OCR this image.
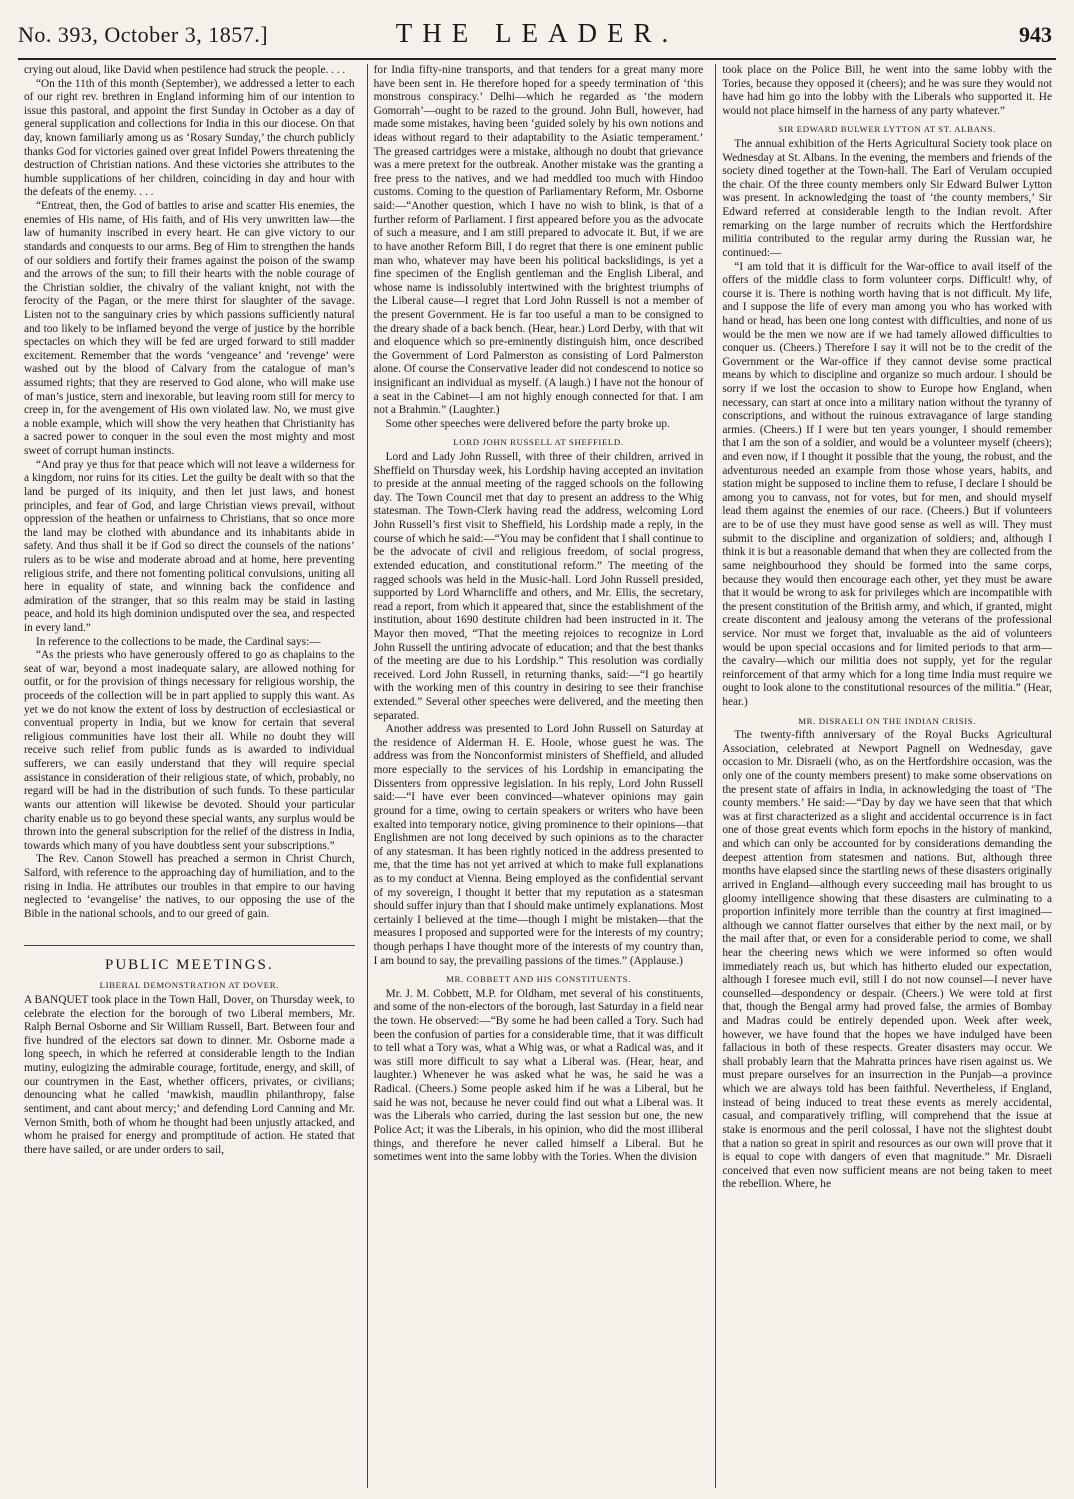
No. 393, October 3, 1857.]	THE LEADER.	943

crying out aloud, like David when pestilence had struck the people. . . .

“On the 11th of this month (September), we addressed a letter to each of our right rev. brethren in England informing him of our intention to issue this pastoral, and appoint the first Sunday in October as a day of general supplication and collections for India in this our diocese. On that day, known familiarly among us as ‘Rosary Sunday,’ the church publicly thanks God for victories gained over great Infidel Powers threatening the destruction of Christian nations. And these victories she attributes to the humble supplications of her children, coinciding in day and hour with the defeats of the enemy. . . .

“Entreat, then, the God of battles to arise and scatter His enemies, the enemies of His name, of His faith, and of His very unwritten law—the law of humanity inscribed in every heart. He can give victory to our standards and conquests to our arms. Beg of Him to strengthen the hands of our soldiers and fortify their frames against the poison of the swamp and the arrows of the sun; to fill their hearts with the noble courage of the Christian soldier, the chivalry of the valiant knight, not with the ferocity of the Pagan, or the mere thirst for slaughter of the savage. Listen not to the sanguinary cries by which passions sufficiently natural and too likely to be inflamed beyond the verge of justice by the horrible spectacles on which they will be fed are urged forward to still madder excitement. Remember that the words ‘vengeance’ and ‘revenge’ were washed out by the blood of Calvary from the catalogue of man’s assumed rights; that they are reserved to God alone, who will make use of man’s justice, stern and inexorable, but leaving room still for mercy to creep in, for the avengement of His own violated law. No, we must give a noble example, which will show the very heathen that Christianity has a sacred power to conquer in the soul even the most mighty and most sweet of corrupt human instincts.

“And pray ye thus for that peace which will not leave a wilderness for a kingdom, nor ruins for its cities. Let the guilty be dealt with so that the land be purged of its iniquity, and then let just laws, and honest principles, and fear of God, and large Christian views prevail, without oppression of the heathen or unfairness to Christians, that so once more the land may be clothed with abundance and its inhabitants abide in safety. And thus shall it be if God so direct the counsels of the nations’ rulers as to be wise and moderate abroad and at home, here preventing religious strife, and there not fomenting political convulsions, uniting all here in equality of state, and winning back the confidence and admiration of the stranger, that so this realm may be staid in lasting peace, and hold its high dominion undisputed over the sea, and respected in every land.”

In reference to the collections to be made, the Cardinal says:—

“As the priests who have generously offered to go as chaplains to the seat of war, beyond a most inadequate salary, are allowed nothing for outfit, or for the provision of things necessary for religious worship, the proceeds of the collection will be in part applied to supply this want. As yet we do not know the extent of loss by destruction of ecclesiastical or conventual property in India, but we know for certain that several religious communities have lost their all. While no doubt they will receive such relief from public funds as is awarded to individual sufferers, we can easily understand that they will require special assistance in consideration of their religious state, of which, probably, no regard will be had in the distribution of such funds. To these particular wants our attention will likewise be devoted. Should your particular charity enable us to go beyond these special wants, any surplus would be thrown into the general subscription for the relief of the distress in India, towards which many of you have doubtless sent your subscriptions.”

The Rev. Canon Stowell has preached a sermon in Christ Church, Salford, with reference to the approaching day of humiliation, and to the rising in India. He attributes our troubles in that empire to our having neglected to ‘evangelise’ the natives, to our opposing the use of the Bible in the national schools, and to our greed of gain.

PUBLIC MEETINGS.
LIBERAL DEMONSTRATION AT DOVER.

A BANQUET took place in the Town Hall, Dover, on Thursday week, to celebrate the election for the borough of two Liberal members, Mr. Ralph Bernal Osborne and Sir William Russell, Bart. Between four and five hundred of the electors sat down to dinner. Mr. Osborne made a long speech, in which he referred at considerable length to the Indian mutiny, eulogizing the admirable courage, fortitude, energy, and skill, of our countrymen in the East, whether officers, privates, or civilians; denouncing what he called ‘mawkish, maudlin philanthropy, false sentiment, and cant about mercy;’ and defending Lord Canning and Mr. Vernon Smith, both of whom he thought had been unjustly attacked, and whom he praised for energy and promptitude of action. He stated that there have sailed, or are under orders to sail,

for India fifty-nine transports, and that tenders for a great many more have been sent in. He therefore hoped for a speedy termination of ‘this monstrous conspiracy.’ Delhi—which he regarded as ‘the modern Gomorrah’—ought to be razed to the ground. John Bull, however, had made some mistakes, having been ‘guided solely by his own notions and ideas without regard to their adaptability to the Asiatic temperament.’ The greased cartridges were a mistake, although no doubt that grievance was a mere pretext for the outbreak. Another mistake was the granting a free press to the natives, and we had meddled too much with Hindoo customs. Coming to the question of Parliamentary Reform, Mr. Osborne said:—“Another question, which I have no wish to blink, is that of a further reform of Parliament. I first appeared before you as the advocate of such a measure, and I am still prepared to advocate it. But, if we are to have another Reform Bill, I do regret that there is one eminent public man who, whatever may have been his political backslidings, is yet a fine specimen of the English gentleman and the English Liberal, and whose name is indissolubly intertwined with the brightest triumphs of the Liberal cause—I regret that Lord John Russell is not a member of the present Government. He is far too useful a man to be consigned to the dreary shade of a back bench. (Hear, hear.) Lord Derby, with that wit and eloquence which so pre-eminently distinguish him, once described the Government of Lord Palmerston as consisting of Lord Palmerston alone. Of course the Conservative leader did not condescend to notice so insignificant an individual as myself. (A laugh.) I have not the honour of a seat in the Cabinet—I am not highly enough connected for that. I am not a Brahmin.” (Laughter.)

Some other speeches were delivered before the party broke up.

LORD JOHN RUSSELL AT SHEFFIELD.

Lord and Lady John Russell, with three of their children, arrived in Sheffield on Thursday week, his Lordship having accepted an invitation to preside at the annual meeting of the ragged schools on the following day. The Town Council met that day to present an address to the Whig statesman. The Town-Clerk having read the address, welcoming Lord John Russell’s first visit to Sheffield, his Lordship made a reply, in the course of which he said:—“You may be confident that I shall continue to be the advocate of civil and religious freedom, of social progress, extended education, and constitutional reform.” The meeting of the ragged schools was held in the Music-hall. Lord John Russell presided, supported by Lord Wharncliffe and others, and Mr. Ellis, the secretary, read a report, from which it appeared that, since the establishment of the institution, about 1690 destitute children had been instructed in it. The Mayor then moved, “That the meeting rejoices to recognize in Lord John Russell the untiring advocate of education; and that the best thanks of the meeting are due to his Lordship.” This resolution was cordially received. Lord John Russell, in returning thanks, said:—“I go heartily with the working men of this country in desiring to see their franchise extended.” Several other speeches were delivered, and the meeting then separated.

Another address was presented to Lord John Russell on Saturday at the residence of Alderman H. E. Hoole, whose guest he was. The address was from the Nonconformist ministers of Sheffield, and alluded more especially to the services of his Lordship in emancipating the Dissenters from oppressive legislation. In his reply, Lord John Russell said:—“I have ever been convinced—whatever opinions may gain ground for a time, owing to certain speakers or writers who have been exalted into temporary notice, giving prominence to their opinions—that Englishmen are not long deceived by such opinions as to the character of any statesman. It has been rightly noticed in the address presented to me, that the time has not yet arrived at which to make full explanations as to my conduct at Vienna. Being employed as the confidential servant of my sovereign, I thought it better that my reputation as a statesman should suffer injury than that I should make untimely explanations. Most certainly I believed at the time—though I might be mistaken—that the measures I proposed and supported were for the interests of my country; though perhaps I have thought more of the interests of my country than, I am bound to say, the prevailing passions of the times.” (Applause.)

MR. COBBETT AND HIS CONSTITUENTS.

Mr. J. M. Cobbett, M.P. for Oldham, met several of his constituents, and some of the non-electors of the borough, last Saturday in a field near the town. He observed:—“By some he had been called a Tory. Such had been the confusion of parties for a considerable time, that it was difficult to tell what a Tory was, what a Whig was, or what a Radical was, and it was still more difficult to say what a Liberal was. (Hear, hear, and laughter.) Whenever he was asked what he was, he said he was a Radical. (Cheers.) Some people asked him if he was a Liberal, but he said he was not, because he never could find out what a Liberal was. It was the Liberals who carried, during the last session but one, the new Police Act; it was the Liberals, in his opinion, who did the most illiberal things, and therefore he never called himself a Liberal. But he sometimes went into the same lobby with the Tories. When the division

took place on the Police Bill, he went into the same lobby with the Tories, because they opposed it (cheers); and he was sure they would not have had him go into the lobby with the Liberals who supported it. He would not place himself in the harness of any party whatever.”

SIR EDWARD BULWER LYTTON AT ST. ALBANS.

The annual exhibition of the Herts Agricultural Society took place on Wednesday at St. Albans. In the evening, the members and friends of the society dined together at the Town-hall. The Earl of Verulam occupied the chair. Of the three county members only Sir Edward Bulwer Lytton was present. In acknowledging the toast of ‘the county members,’ Sir Edward referred at considerable length to the Indian revolt. After remarking on the large number of recruits which the Hertfordshire militia contributed to the regular army during the Russian war, he continued:—

“I am told that it is difficult for the War-office to avail itself of the offers of the middle class to form volunteer corps. Difficult! why, of course it is. There is nothing worth having that is not difficult. My life, and I suppose the life of every man among you who has worked with hand or head, has been one long contest with difficulties, and none of us would be the men we now are if we had tamely allowed difficulties to conquer us. (Cheers.) Therefore I say it will not be to the credit of the Government or the War-office if they cannot devise some practical means by which to discipline and organize so much ardour. I should be sorry if we lost the occasion to show to Europe how England, when necessary, can start at once into a military nation without the tyranny of conscriptions, and without the ruinous extravagance of large standing armies. (Cheers.) If I were but ten years younger, I should remember that I am the son of a soldier, and would be a volunteer myself (cheers); and even now, if I thought it possible that the young, the robust, and the adventurous needed an example from those whose years, habits, and station might be supposed to incline them to refuse, I declare I should be among you to canvass, not for votes, but for men, and should myself lead them against the enemies of our race. (Cheers.) But if volunteers are to be of use they must have good sense as well as will. They must submit to the discipline and organization of soldiers; and, although I think it is but a reasonable demand that when they are collected from the same neighbourhood they should be formed into the same corps, because they would then encourage each other, yet they must be aware that it would be wrong to ask for privileges which are incompatible with the present constitution of the British army, and which, if granted, might create discontent and jealousy among the veterans of the professional service. Nor must we forget that, invaluable as the aid of volunteers would be upon special occasions and for limited periods to that arm—the cavalry—which our militia does not supply, yet for the regular reinforcement of that army which for a long time India must require we ought to look alone to the constitutional resources of the militia.” (Hear, hear.)

MR. DISRAELI ON THE INDIAN CRISIS.

The twenty-fifth anniversary of the Royal Bucks Agricultural Association, celebrated at Newport Pagnell on Wednesday, gave occasion to Mr. Disraeli (who, as on the Hertfordshire occasion, was the only one of the county members present) to make some observations on the present state of affairs in India, in acknowledging the toast of ‘The county members.’ He said:—“Day by day we have seen that that which was at first characterized as a slight and accidental occurrence is in fact one of those great events which form epochs in the history of mankind, and which can only be accounted for by considerations demanding the deepest attention from statesmen and nations. But, although three months have elapsed since the startling news of these disasters originally arrived in England—although every succeeding mail has brought to us gloomy intelligence showing that these disasters are culminating to a proportion infinitely more terrible than the country at first imagined—although we cannot flatter ourselves that either by the next mail, or by the mail after that, or even for a considerable period to come, we shall hear the cheering news which we were informed so often would immediately reach us, but which has hitherto eluded our expectation, although I foresee much evil, still I do not now counsel—I never have counselled—despondency or despair. (Cheers.) We were told at first that, though the Bengal army had proved false, the armies of Bombay and Madras could be entirely depended upon. Week after week, however, we have found that the hopes we have indulged have been fallacious in both of these respects. Greater disasters may occur. We shall probably learn that the Mahratta princes have risen against us. We must prepare ourselves for an insurrection in the Punjab—a province which we are always told has been faithful. Nevertheless, if England, instead of being induced to treat these events as merely accidental, casual, and comparatively trifling, will comprehend that the issue at stake is enormous and the peril colossal, I have not the slightest doubt that a nation so great in spirit and resources as our own will prove that it is equal to cope with dangers of even that magnitude.” Mr. Disraeli conceived that even now sufficient means are not being taken to meet the rebellion. Where, he
